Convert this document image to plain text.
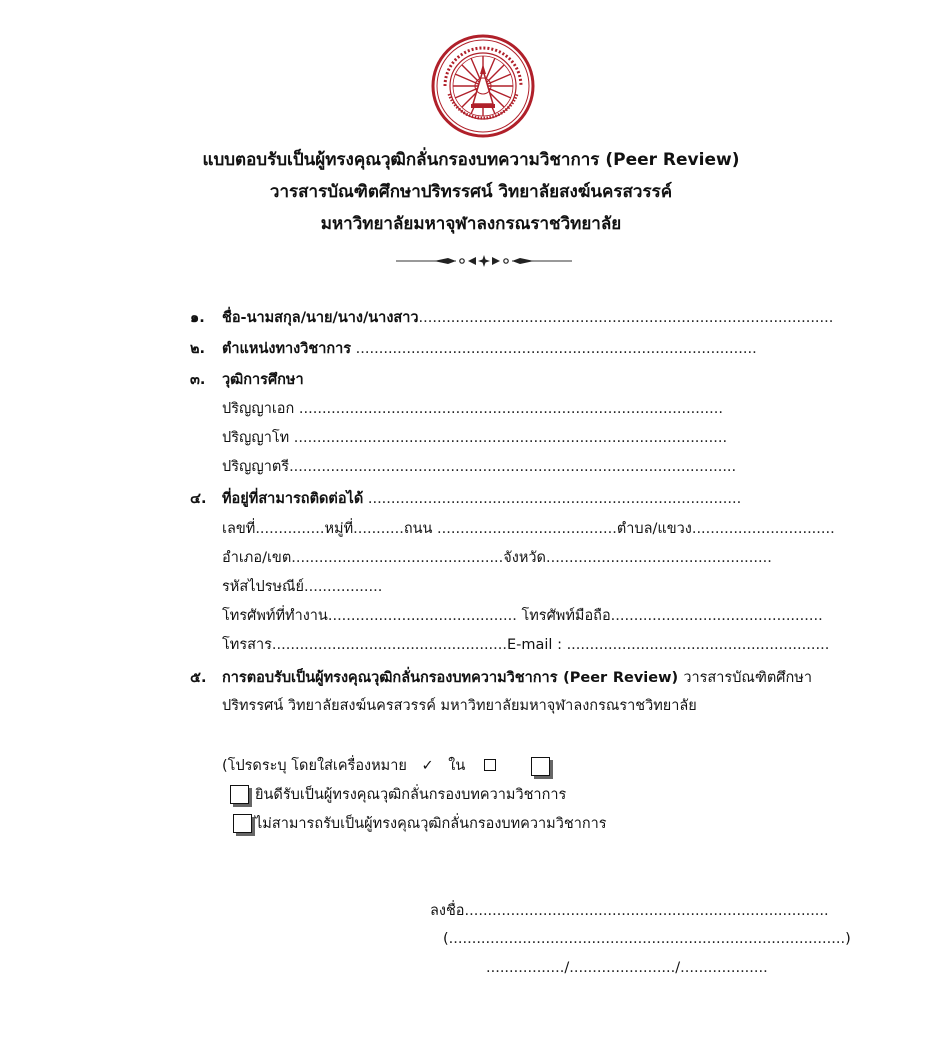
แบบตอบรับเป็นผู้ทรงคุณวุฒิกลั่นกรองบทความวิชาการ (Peer Review)
วารสารบัณฑิตศึกษาปริทรรศน์ วิทยาลัยสงฆ์นครสวรรค์
มหาวิทยาลัยมหาจุฬาลงกรณราชวิทยาลัย
๑. ชื่อ-นามสกุล/นาย/นาง/นางสาว..........................................................................................
๒. ตำแหน่งทางวิชาการ .......................................................................................
๓. วุฒิการศึกษา
ปริญญาเอก ............................................................................................
ปริญญาโท ..............................................................................................
ปริญญาตรี.................................................................................................
๔. ที่อยู่ที่สามารถติดต่อได้ .................................................................................
เลขที่...............หมู่ที่...........ถนน .......................................ตำบล/แขวง...............................
อำเภอ/เขต..............................................จังหวัด.................................................
รหัสไปรษณีย์.................
โทรศัพท์ที่ทำงาน......................................... โทรศัพท์มือถือ..............................................
โทรสาร...................................................E-mail : .........................................................
๕. การตอบรับเป็นผู้ทรงคุณวุฒิกลั่นกรองบทความวิชาการ (Peer Review) วารสารบัณฑิตศึกษาปริทรรศน์ วิทยาลัยสงฆ์นครสวรรค์ มหาวิทยาลัยมหาจุฬาลงกรณราชวิทยาลัย
(โปรดระบุ โดยใส่เครื่องหมาย ✓ ใน
ยินดีรับเป็นผู้ทรงคุณวุฒิกลั่นกรองบทความวิชาการ
ไม่สามารถรับเป็นผู้ทรงคุณวุฒิกลั่นกรองบทความวิชาการ
ลงชื่อ...............................................................................
(......................................................................................)
................./......................./...................
